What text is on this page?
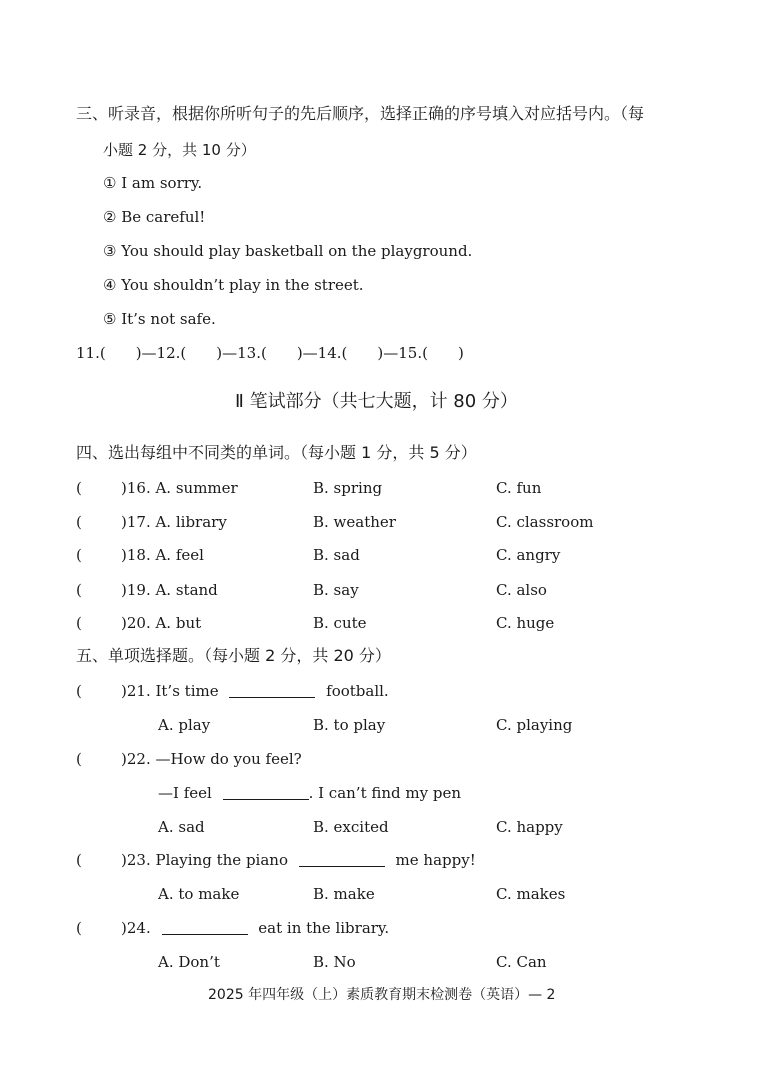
三、听录音，根据你所听句子的先后顺序，选择正确的序号填入对应括号内。（每
小题 2 分，共 10 分）
① I am sorry.
② Be careful!
③ You should play basketball on the playground.
④ You shouldn’t play in the street.
⑤ It’s not safe.
11.(　　)—12.(　　)—13.(　　)—14.(　　)—15.(　　)
Ⅱ 笔试部分（共七大题，计 80 分）
四、选出每组中不同类的单词。（每小题 1 分，共 5 分）
(	)16. A. summer	B. spring	C. fun
(	)17. A. library	B. weather	C. classroom
(	)18. A. feel	B. sad	C. angry
(	)19. A. stand	B. say	C. also
(	)20. A. but	B. cute	C. huge
五、单项选择题。（每小题 2 分，共 20 分）
(	)21. It’s time	football.
A. play	B. to play	C. playing
(	)22. —How do you feel?
—I feel	. I can’t find my pen
A. sad	B. excited	C. happy
(	)23. Playing the piano	me happy!
A. to make	B. make	C. makes
(	)24.	eat in the library.
A. Don’t	B. No	C. Can
2025 年四年级（上）素质教育期末检测卷（英语）— 2
